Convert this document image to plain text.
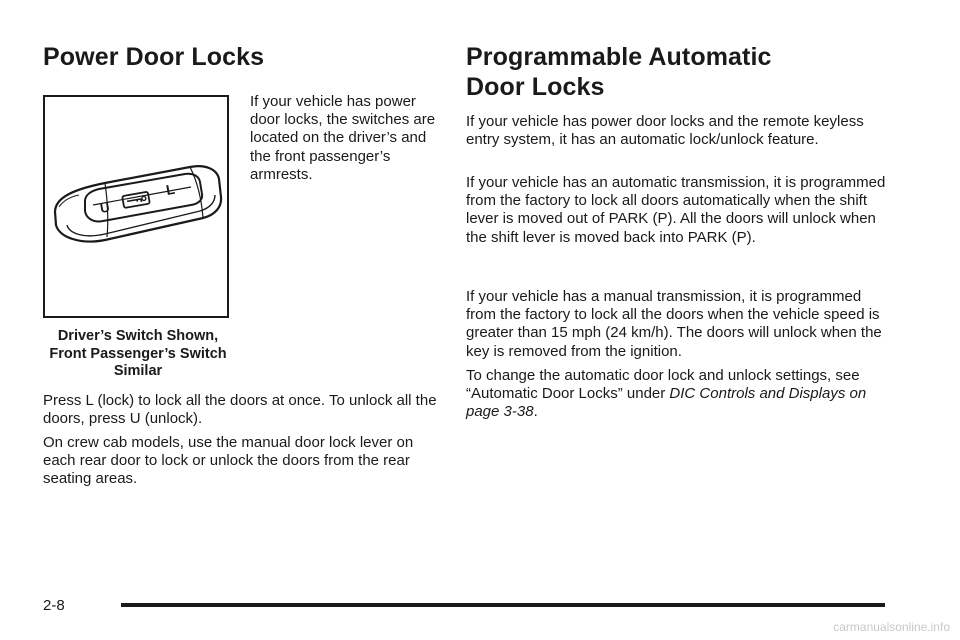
Power Door Locks
U
L

If your vehicle has power door locks, the switches are located on the driver’s and the front passenger’s armrests.

Driver’s Switch Shown, Front Passenger’s Switch Similar

Press L (lock) to lock all the doors at once. To unlock all the doors, press U (unlock).

On crew cab models, use the manual door lock lever on each rear door to lock or unlock the doors from the rear seating areas.

Programmable Automatic
Door Locks

If your vehicle has power door locks and the remote keyless entry system, it has an automatic lock/unlock feature.

If your vehicle has an automatic transmission, it is programmed from the factory to lock all doors automatically when the shift lever is moved out of PARK (P). All the doors will unlock when the shift lever is moved back into PARK (P).

If your vehicle has a manual transmission, it is programmed from the factory to lock all the doors when the vehicle speed is greater than 15 mph (24 km/h). The doors will unlock when the key is removed from the ignition.

To change the automatic door lock and unlock settings, see “Automatic Door Locks” under DIC Controls and Displays on page 3-38.

2-8
carmanualsonline.info
